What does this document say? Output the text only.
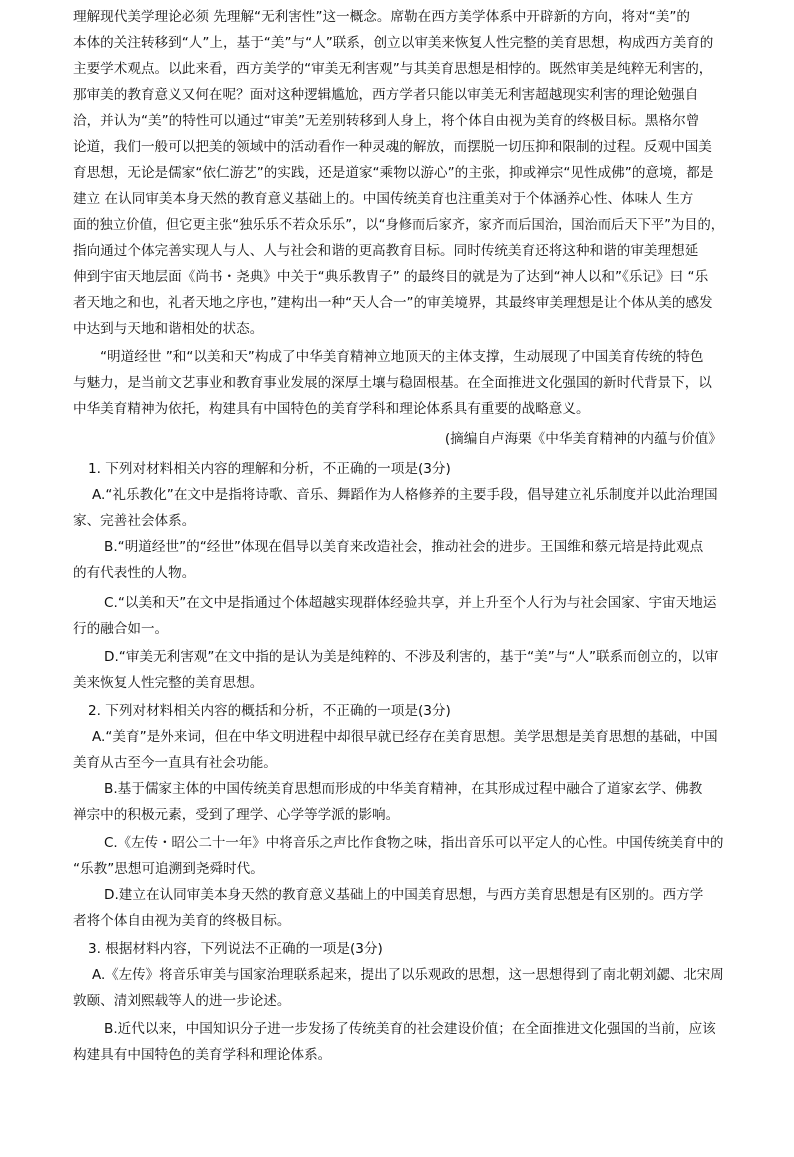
理解现代美学理论必须 先理解“无利害性”这一概念。席勒在西方美学体系中开辟新的方向，将对“美”的
本体的关注转移到“人”上，基于“美”与“人”联系，创立以审美来恢复人性完整的美育思想，构成西方美育的
主要学术观点。以此来看，西方美学的“审美无利害观”与其美育思想是相悖的。既然审美是纯粹无利害的，
那审美的教育意义又何在呢？面对这种逻辑尴尬，西方学者只能以审美无利害超越现实利害的理论勉强自
洽，并认为“美”的特性可以通过“审美”无差别转移到人身上，将个体自由视为美育的终极目标。黑格尔曾
论道，我们一般可以把美的领域中的活动看作一种灵魂的解放，而摆脱一切压抑和限制的过程。反观中国美
育思想，无论是儒家“依仁游艺”的实践，还是道家“乘物以游心”的主张，抑或禅宗“见性成佛”的意境，都是
建立 在认同审美本身天然的教育意义基础上的。中国传统美育也注重美对于个体涵养心性、体味人 生方
面的独立价值，但它更主张“独乐乐不若众乐乐”，以“身修而后家齐，家齐而后国治，国治而后天下平”为目的，
指向通过个体完善实现人与人、人与社会和谐的更高教育目标。同时传统美育还将这种和谐的审美理想延
伸到宇宙天地层面《尚书・尧典》中关于“典乐教胄子” 的最终目的就是为了达到“神人以和”《乐记》曰 “乐
者天地之和也，礼者天地之序也，”建构出一种“天人合一”的审美境界，其最终审美理想是让个体从美的感发
中达到与天地和谐相处的状态。
“明道经世 ”和“以美和天”构成了中华美育精神立地顶天的主体支撑，生动展现了中国美育传统的特色
与魅力，是当前文艺事业和教育事业发展的深厚土壤与稳固根基。在全面推进文化强国的新时代背景下，以
中华美育精神为依托，构建具有中国特色的美育学科和理论体系具有重要的战略意义。
(摘编自卢海栗《中华美育精神的内蕴与价值》
1. 下列对材料相关内容的理解和分析，不正确的一项是(3分)
A.“礼乐教化”在文中是指将诗歌、音乐、舞蹈作为人格修养的主要手段，倡导建立礼乐制度并以此治理国
家、完善社会体系。
B.“明道经世”的“经世”体现在倡导以美育来改造社会，推动社会的进步。王国维和蔡元培是持此观点
的有代表性的人物。
C.“以美和天”在文中是指通过个体超越实现群体经验共享，并上升至个人行为与社会国家、宇宙天地运
行的融合如一。
D.“审美无利害观”在文中指的是认为美是纯粹的、不涉及利害的，基于“美”与“人”联系而创立的，以审
美来恢复人性完整的美育思想。
2. 下列对材料相关内容的概括和分析，不正确的一项是(3分)
A.“美育”是外来词，但在中华文明进程中却很早就已经存在美育思想。美学思想是美育思想的基础，中国
美育从古至今一直具有社会功能。
B.基于儒家主体的中国传统美育思想而形成的中华美育精神，在其形成过程中融合了道家玄学、佛教
禅宗中的积极元素，受到了理学、心学等学派的影响。
C.《左传・昭公二十一年》中将音乐之声比作食物之味，指出音乐可以平定人的心性。中国传统美育中的
“乐教”思想可追溯到尧舜时代。
D.建立在认同审美本身天然的教育意义基础上的中国美育思想，与西方美育思想是有区别的。西方学
者将个体自由视为美育的终极目标。
3. 根据材料内容，下列说法不正确的一项是(3分)
A.《左传》将音乐审美与国家治理联系起来，提出了以乐观政的思想，这一思想得到了南北朝刘勰、北宋周
敦颐、清刘熙载等人的进一步论述。
B.近代以来，中国知识分子进一步发扬了传统美育的社会建设价值；在全面推进文化强国的当前，应该
构建具有中国特色的美育学科和理论体系。
